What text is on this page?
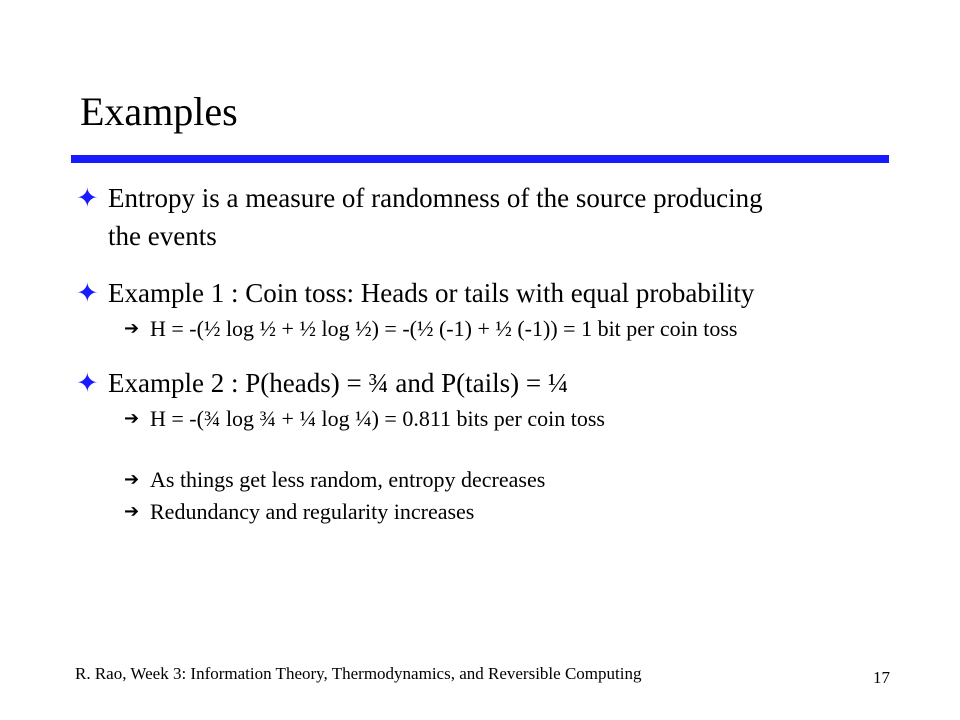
Examples
✦ Entropy is a measure of randomness of the source producing
the events
✦ Example 1 : Coin toss: Heads or tails with equal probability
➔ H = -(½ log ½ + ½ log ½) = -(½ (-1) + ½ (-1)) = 1 bit per coin toss
✦ Example 2 : P(heads) = ¾ and P(tails) = ¼
➔ H = -(¾ log ¾ + ¼ log ¼) = 0.811 bits per coin toss
➔ As things get less random, entropy decreases
➔ Redundancy and regularity increases
R. Rao, Week 3: Information Theory, Thermodynamics, and Reversible Computing	17
